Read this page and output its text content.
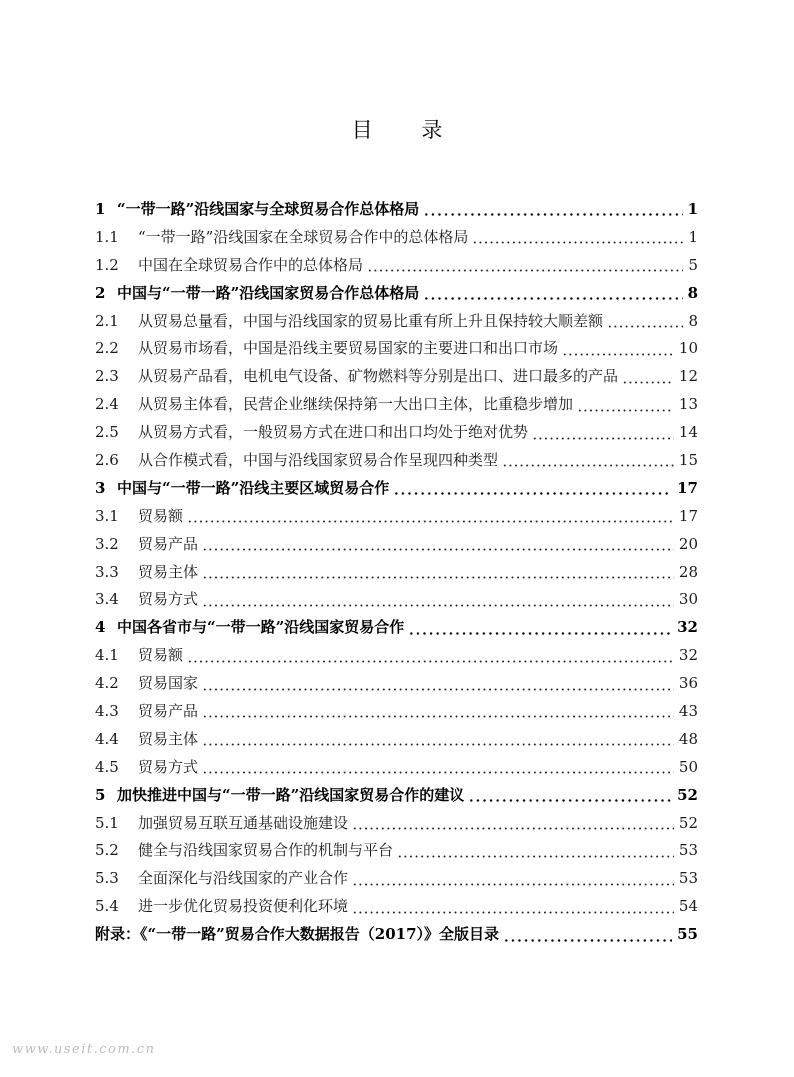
目 录
1 “一带一路”沿线国家与全球贸易合作总体格局	1
1.1	“一带一路”沿线国家在全球贸易合作中的总体格局	1
1.2	中国在全球贸易合作中的总体格局	5
2 中国与“一带一路”沿线国家贸易合作总体格局	8
2.1	从贸易总量看，中国与沿线国家的贸易比重有所上升且保持较大顺差额	8
2.2	从贸易市场看，中国是沿线主要贸易国家的主要进口和出口市场	10
2.3	从贸易产品看，电机电气设备、矿物燃料等分别是出口、进口最多的产品	12
2.4	从贸易主体看，民营企业继续保持第一大出口主体，比重稳步增加	13
2.5	从贸易方式看，一般贸易方式在进口和出口均处于绝对优势	14
2.6	从合作模式看，中国与沿线国家贸易合作呈现四种类型	15
3 中国与“一带一路”沿线主要区域贸易合作	17
3.1	贸易额	17
3.2	贸易产品	20
3.3	贸易主体	28
3.4	贸易方式	30
4 中国各省市与“一带一路”沿线国家贸易合作	32
4.1	贸易额	32
4.2	贸易国家	36
4.3	贸易产品	43
4.4	贸易主体	48
4.5	贸易方式	50
5 加快推进中国与“一带一路”沿线国家贸易合作的建议	52
5.1	加强贸易互联互通基础设施建设	52
5.2	健全与沿线国家贸易合作的机制与平台	53
5.3	全面深化与沿线国家的产业合作	53
5.4	进一步优化贸易投资便利化环境	54
附录：《“一带一路”贸易合作大数据报告（2017）》全版目录	55
www.useit.com.cn
